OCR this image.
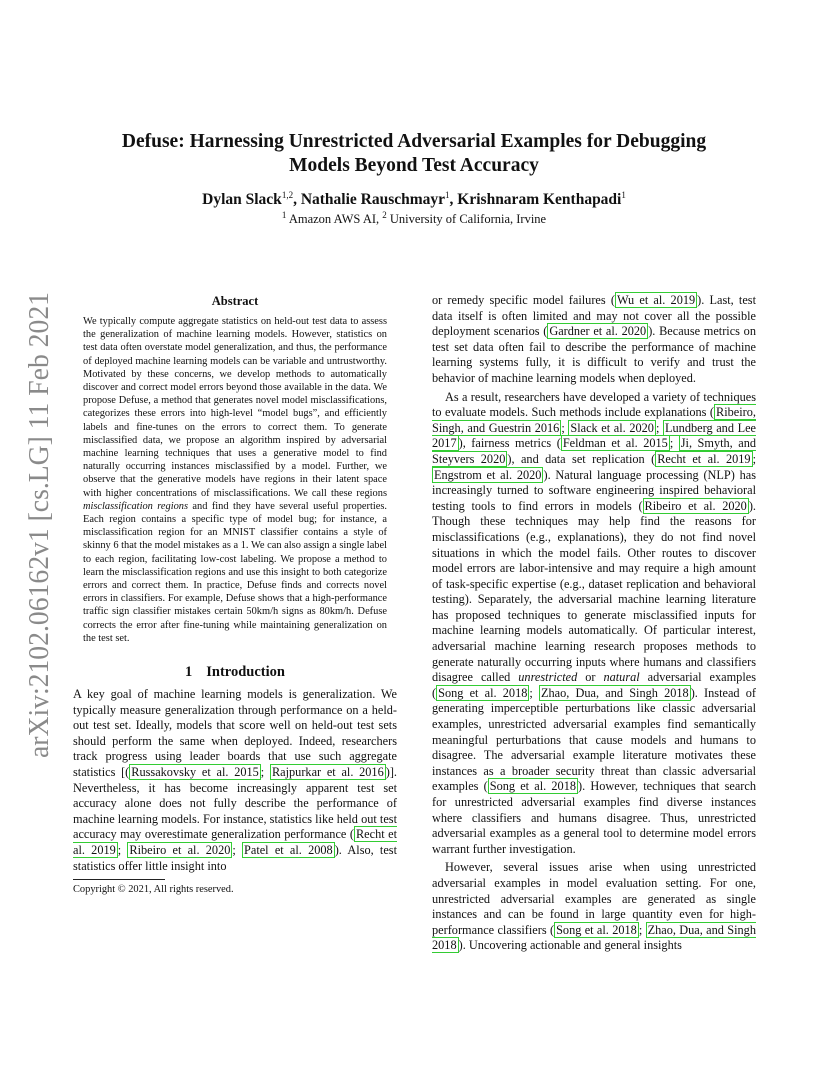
arXiv:2102.06162v1 [cs.LG] 11 Feb 2021
Defuse: Harnessing Unrestricted Adversarial Examples for Debugging Models Beyond Test Accuracy
Dylan Slack$^{1,2}$, Nathalie Rauschmayr$^1$, Krishnaram Kenthapadi$^1$
$^1$ Amazon AWS AI, $^2$ University of California, Irvine
Abstract

We typically compute aggregate statistics on held-out test data to assess the generalization of machine learning models. However, statistics on test data often overstate model generalization, and thus, the performance of deployed machine learning models can be variable and untrustworthy. Motivated by these concerns, we develop methods to automatically discover and correct model errors beyond those available in the data. We propose Defuse, a method that generates novel model misclassifications, categorizes these errors into high-level “model bugs”, and efficiently labels and fine-tunes on the errors to correct them. To generate misclassified data, we propose an algorithm inspired by adversarial machine learning techniques that uses a generative model to find naturally occurring instances misclassified by a model. Further, we observe that the generative models have regions in their latent space with higher concentrations of misclassifications. We call these regions misclassification regions and find they have several useful properties. Each region contains a specific type of model bug; for instance, a misclassification region for an MNIST classifier contains a style of skinny 6 that the model mistakes as a 1. We can also assign a single label to each region, facilitating low-cost labeling. We propose a method to learn the misclassification regions and use this insight to both categorize errors and correct them. In practice, Defuse finds and corrects novel errors in classifiers. For example, Defuse shows that a high-performance traffic sign classifier mistakes certain 50km/h signs as 80km/h. Defuse corrects the error after fine-tuning while maintaining generalization on the test set.

1 Introduction

A key goal of machine learning models is generalization. We typically measure generalization through performance on a held-out test set. Ideally, models that score well on held-out test sets should perform the same when deployed. Indeed, researchers track progress using leader boards that use such aggregate statistics [( Russakovsky et al. 2015 ; Rajpurkar et al. 2016 )]. Nevertheless, it has become increasingly apparent test set accuracy alone does not fully describe the performance of machine learning models. For instance, statistics like held out test accuracy may overestimate generalization performance ( Recht et al. 2019 ; Ribeiro et al. 2020 ; Patel et al. 2008 ). Also, test statistics offer little insight into

Copyright © 2021, All rights reserved.

or remedy specific model failures ( Wu et al. 2019 ). Last, test data itself is often limited and may not cover all the possible deployment scenarios ( Gardner et al. 2020 ). Because metrics on test set data often fail to describe the performance of machine learning systems fully, it is difficult to verify and trust the behavior of machine learning models when deployed.

As a result, researchers have developed a variety of techniques to evaluate models. Such methods include explanations ( Ribeiro, Singh, and Guestrin 2016 ; Slack et al. 2020 ; Lundberg and Lee 2017 ), fairness metrics ( Feldman et al. 2015 ; Ji, Smyth, and Steyvers 2020 ), and data set replication ( Recht et al. 2019 ; Engstrom et al. 2020 ). Natural language processing (NLP) has increasingly turned to software engineering inspired behavioral testing tools to find errors in models ( Ribeiro et al. 2020 ). Though these techniques may help find the reasons for misclassifications (e.g., explanations), they do not find novel situations in which the model fails. Other routes to discover model errors are labor-intensive and may require a high amount of task-specific expertise (e.g., dataset replication and behavioral testing). Separately, the adversarial machine learning literature has proposed techniques to generate misclassified inputs for machine learning models automatically. Of particular interest, adversarial machine learning research proposes methods to generate naturally occurring inputs where humans and classifiers disagree called unrestricted or natural adversarial examples ( Song et al. 2018 ; Zhao, Dua, and Singh 2018 ). Instead of generating imperceptible perturbations like classic adversarial examples, unrestricted adversarial examples find semantically meaningful perturbations that cause models and humans to disagree. The adversarial example literature motivates these instances as a broader security threat than classic adversarial examples ( Song et al. 2018 ). However, techniques that search for unrestricted adversarial examples find diverse instances where classifiers and humans disagree. Thus, unrestricted adversarial examples as a general tool to determine model errors warrant further investigation.

However, several issues arise when using unrestricted adversarial examples in model evaluation setting. For one, unrestricted adversarial examples are generated as single instances and can be found in large quantity even for high-performance classifiers ( Song et al. 2018 ; Zhao, Dua, and Singh 2018 ). Uncovering actionable and general insights
